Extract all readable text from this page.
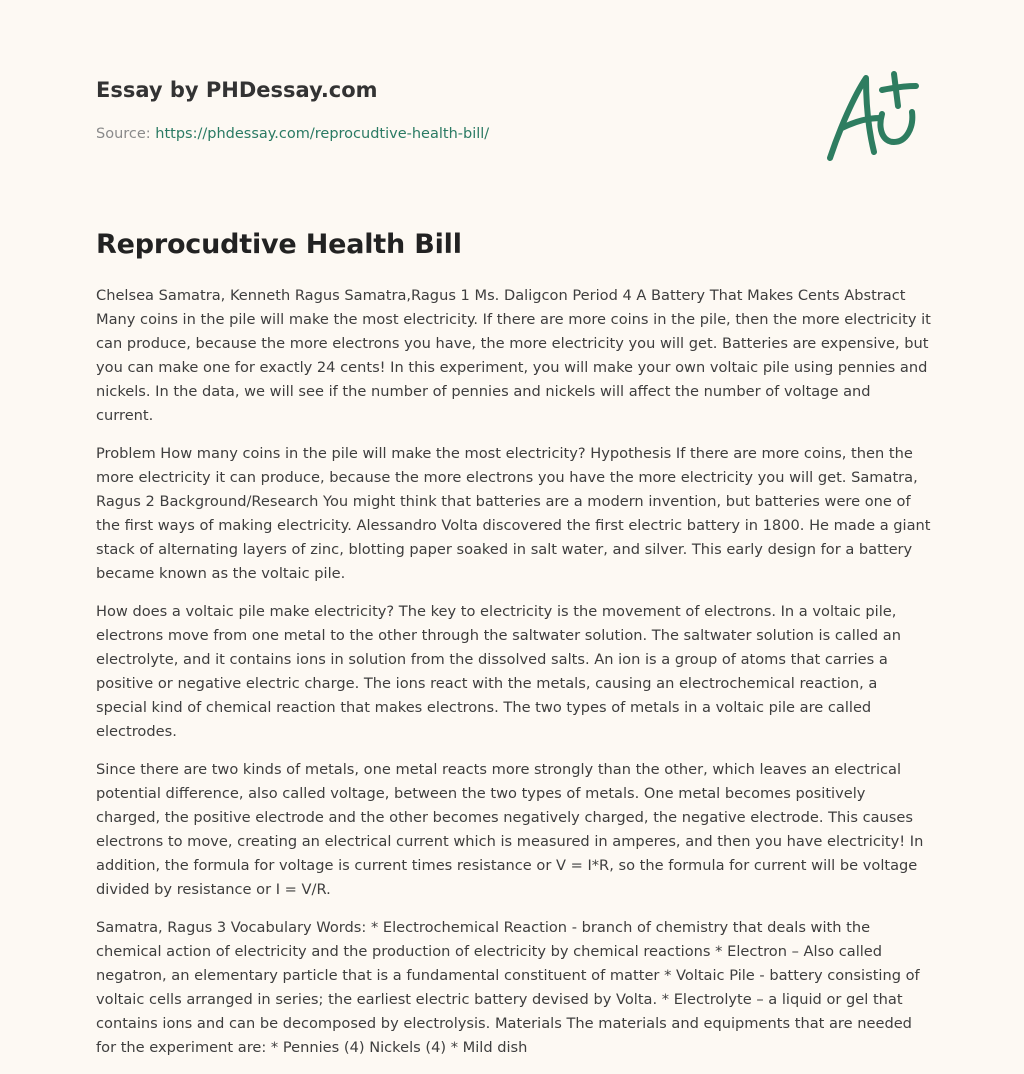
Essay by PHDessay.com
Source: https://phdessay.com/reprocudtive-health-bill/
Reprocudtive Health Bill

Chelsea Samatra, Kenneth Ragus Samatra,Ragus 1 Ms. Daligcon Period 4 A Battery That Makes Cents Abstract Many coins in the pile will make the most electricity. If there are more coins in the pile, then the more electricity it can produce, because the more electrons you have, the more electricity you will get. Batteries are expensive, but you can make one for exactly 24 cents! In this experiment, you will make your own voltaic pile using pennies and nickels. In the data, we will see if the number of pennies and nickels will affect the number of voltage and current.

Problem How many coins in the pile will make the most electricity? Hypothesis If there are more coins, then the more electricity it can produce, because the more electrons you have the more electricity you will get. Samatra, Ragus 2 Background/Research You might think that batteries are a modern invention, but batteries were one of the first ways of making electricity. Alessandro Volta discovered the first electric battery in 1800. He made a giant stack of alternating layers of zinc, blotting paper soaked in salt water, and silver. This early design for a battery became known as the voltaic pile.

How does a voltaic pile make electricity? The key to electricity is the movement of electrons. In a voltaic pile, electrons move from one metal to the other through the saltwater solution. The saltwater solution is called an electrolyte, and it contains ions in solution from the dissolved salts. An ion is a group of atoms that carries a positive or negative electric charge. The ions react with the metals, causing an electrochemical reaction, a special kind of chemical reaction that makes electrons. The two types of metals in a voltaic pile are called electrodes.

Since there are two kinds of metals, one metal reacts more strongly than the other, which leaves an electrical potential difference, also called voltage, between the two types of metals. One metal becomes positively charged, the positive electrode and the other becomes negatively charged, the negative electrode. This causes electrons to move, creating an electrical current which is measured in amperes, and then you have electricity! In addition, the formula for voltage is current times resistance or V = I*R, so the formula for current will be voltage divided by resistance or I = V/R.

Samatra, Ragus 3 Vocabulary Words: * Electrochemical Reaction - branch of chemistry that deals with the chemical action of electricity and the production of electricity by chemical reactions * Electron – Also called negatron, an elementary particle that is a fundamental constituent of matter * Voltaic Pile - battery consisting of voltaic cells arranged in series; the earliest electric battery devised by Volta. * Electrolyte – a liquid or gel that contains ions and can be decomposed by electrolysis. Materials The materials and equipments that are needed for the experiment are: * Pennies (4) Nickels (4) * Mild dish
